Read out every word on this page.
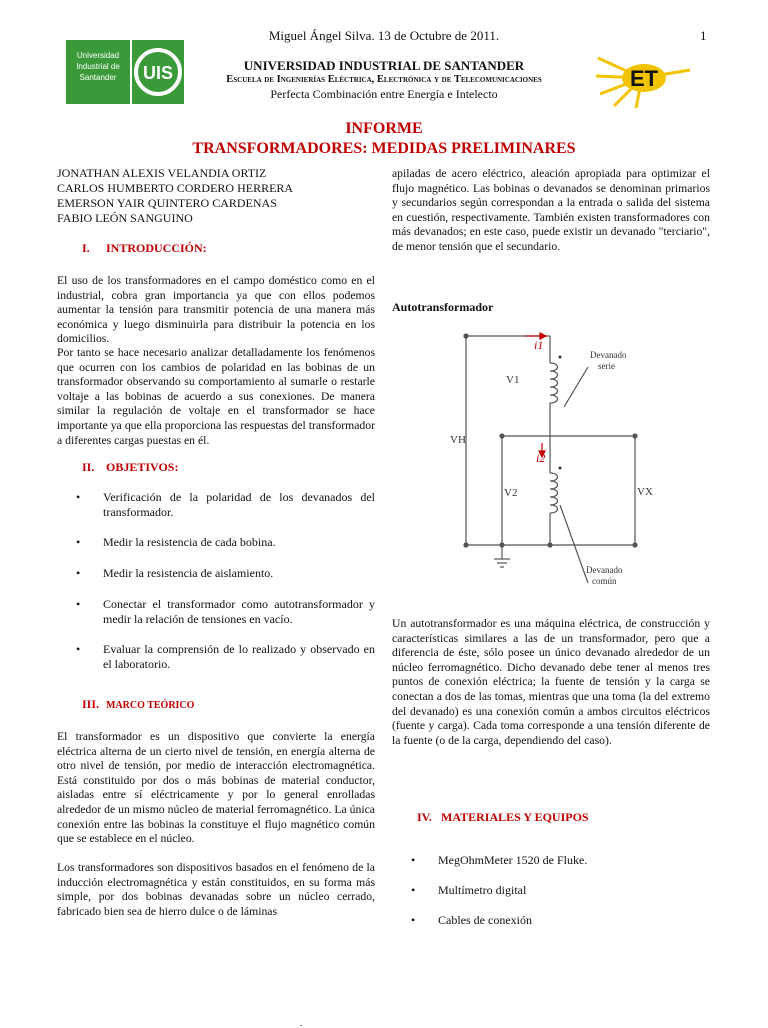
Miguel Ángel Silva. 13 de Octubre de 2011.	1
Universidad
Industrial de
Santander UIS	UNIVERSIDAD INDUSTRIAL DE SANTANDER
Escuela de Ingenierías Eléctrica, Electrónica y de Telecomunicaciones
Perfecta Combinación entre Energía e Intelecto
ET
INFORME
TRANSFORMADORES: MEDIDAS PRELIMINARES
JONATHAN ALEXIS VELANDIA ORTIZ
CARLOS HUMBERTO CORDERO HERRERA
EMERSON YAIR QUINTERO CARDENAS
FABIO LEÓN SANGUINO
I. INTRODUCCIÓN:
El uso de los transformadores en el campo doméstico como en el industrial, cobra gran importancia ya que con ellos podemos aumentar la tensión para transmitir potencia de una manera más económica y luego disminuirla para distribuir la potencia en los domicilios.
Por tanto se hace necesario analizar detalladamente los fenómenos que ocurren con los cambios de polaridad en las bobinas de un transformador observando su comportamiento al sumarle o restarle voltaje a las bobinas de acuerdo a sus conexiones. De manera similar la regulación de voltaje en el transformador se hace importante ya que ella proporciona las respuestas del transformador a diferentes cargas puestas en él.
II. OBJETIVOS:
• Verificación de la polaridad de los devanados del transformador.
• Medir la resistencia de cada bobina.
• Medir la resistencia de aislamiento.
• Conectar el transformador como autotransformador y medir la relación de tensiones en vacío.
• Evaluar la comprensión de lo realizado y observado en el laboratorio.
III. MARCO TEÓRICO
El transformador es un dispositivo que convierte la energía eléctrica alterna de un cierto nivel de tensión, en energía alterna de otro nivel de tensión, por medio de interacción electromagnética. Está constituido por dos o más bobinas de material conductor, aisladas entre sí eléctricamente y por lo general enrolladas alrededor de un mismo núcleo de material ferromagnético. La única conexión entre las bobinas la constituye el flujo magnético común que se establece en el núcleo.
Los transformadores son dispositivos basados en el fenómeno de la inducción electromagnética y están constituidos, en su forma más simple, por dos bobinas devanadas sobre un núcleo cerrado, fabricado bien sea de hierro dulce o de láminas
apiladas de acero eléctrico, aleación apropiada para optimizar el flujo magnético. Las bobinas o devanados se denominan primarios y secundarios según correspondan a la entrada o salida del sistema en cuestión, respectivamente. También existen transformadores con más devanados; en este caso, puede existir un devanado "terciario", de menor tensión que el secundario.
Autotransformador
i1
i2
V1
V2
VH
VX
Devanado
serie
Devanado
común
Un autotransformador es una máquina eléctrica, de construcción y características similares a las de un transformador, pero que a diferencia de éste, sólo posee un único devanado alrededor de un núcleo ferromagnético. Dicho devanado debe tener al menos tres puntos de conexión eléctrica; la fuente de tensión y la carga se conectan a dos de las tomas, mientras que una toma (la del extremo del devanado) es una conexión común a ambos circuitos eléctricos (fuente y carga). Cada toma corresponde a una tensión diferente de la fuente (o de la carga, dependiendo del caso).
IV. MATERIALES Y EQUIPOS
• MegOhmMeter 1520 de Fluke.
• Multímetro digital
• Cables de conexión
.
